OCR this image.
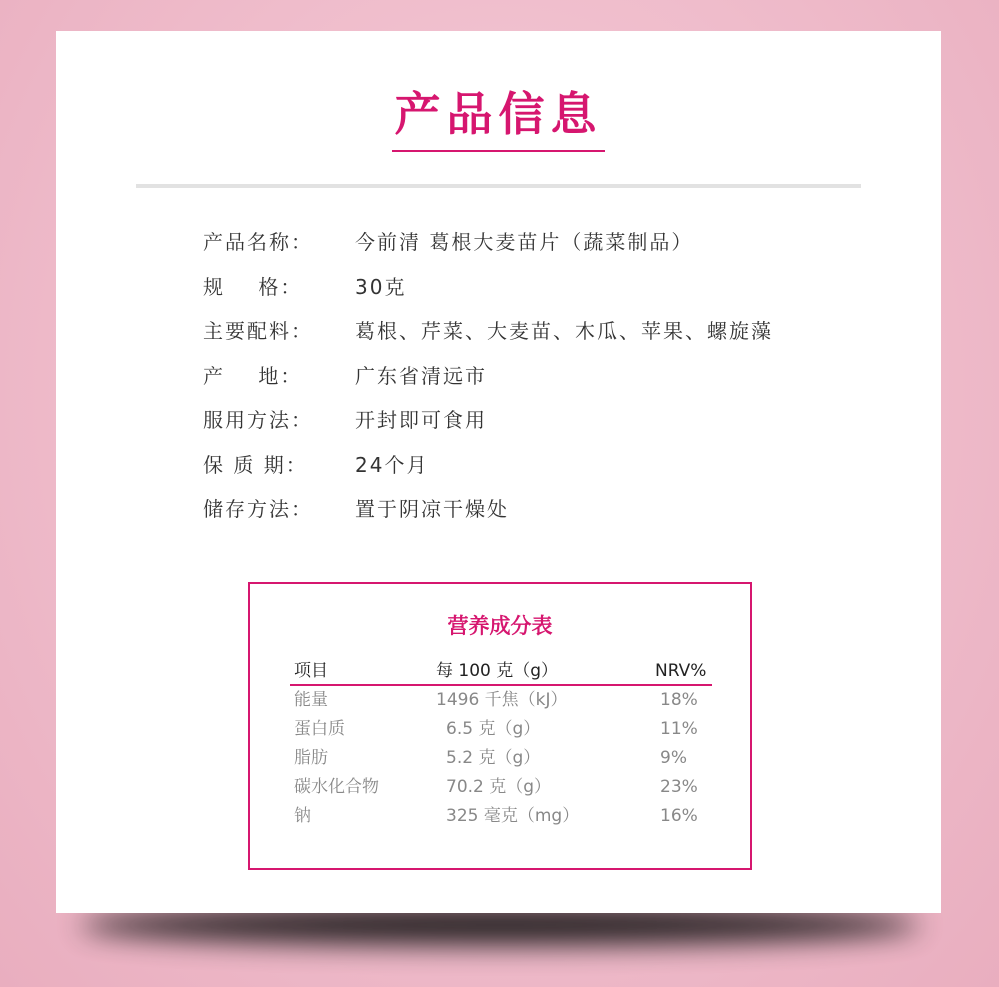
产品信息
产品名称： 今前清 葛根大麦苗片（蔬菜制品）
规    格：	30克
主要配料： 葛根、芹菜、大麦苗、木瓜、苹果、螺旋藻
产    地：	广东省清远市
服用方法： 开封即可食用
保 质 期： 24个月
储存方法： 置于阴凉干燥处
营养成分表
项目	每 100 克（g）	NRV%
能量	1496 千焦（kJ）	18%
蛋白质	6.5 克（g）	11%
脂肪	5.2 克（g）	9%
碳水化合物	70.2 克（g）	23%
钠	325 毫克（mg）	16%
